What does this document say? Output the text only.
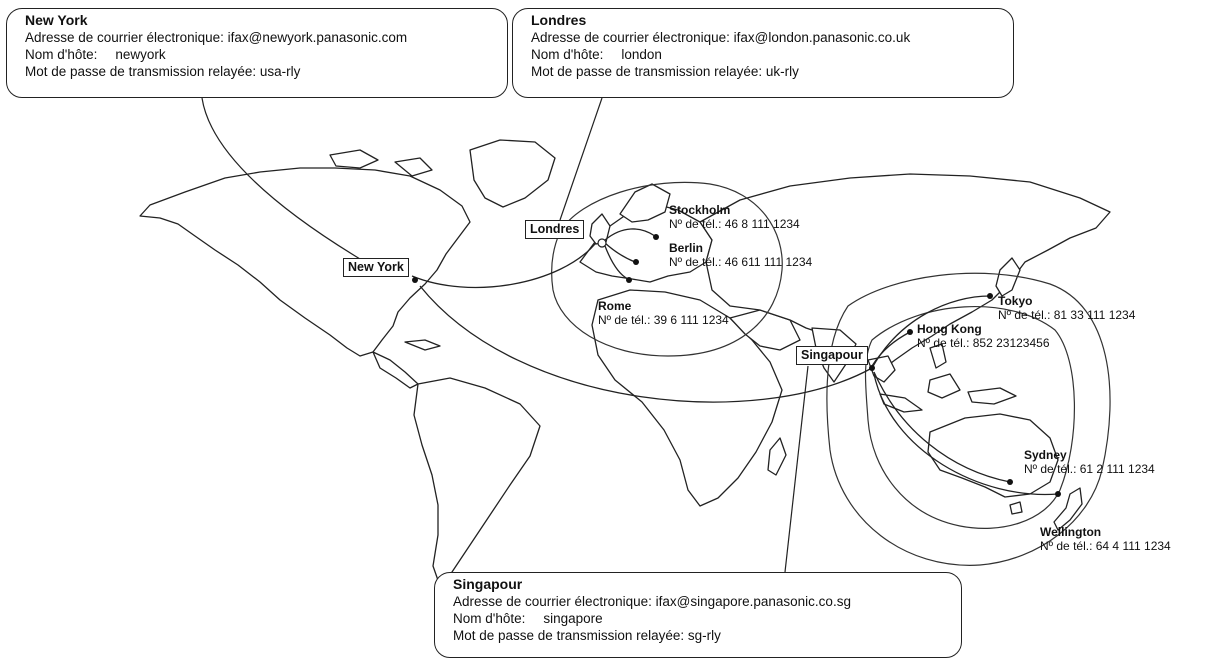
Londres
New York
Singapour
Stockholm
Nº de tél.: 46 8 111 1234
Berlin
Nº de tél.: 46 611 111 1234
Rome
Nº de tél.: 39 6 111 1234
Tokyo
Nº de tél.: 81 33 111 1234
Hong Kong
Nº de tél.: 852 23123456
Sydney
Nº de tél.: 61 2 111 1234
Wellington
Nº de tél.: 64 4 111 1234
New York
Adresse de courrier électronique: ifax@newyork.panasonic.com
Nom d'hôte: newyork
Mot de passe de transmission relayée: usa-rly
Londres
Adresse de courrier électronique: ifax@london.panasonic.co.uk
Nom d'hôte: london
Mot de passe de transmission relayée: uk-rly
Singapour
Adresse de courrier électronique: ifax@singapore.panasonic.co.sg
Nom d'hôte: singapore
Mot de passe de transmission relayée: sg-rly
